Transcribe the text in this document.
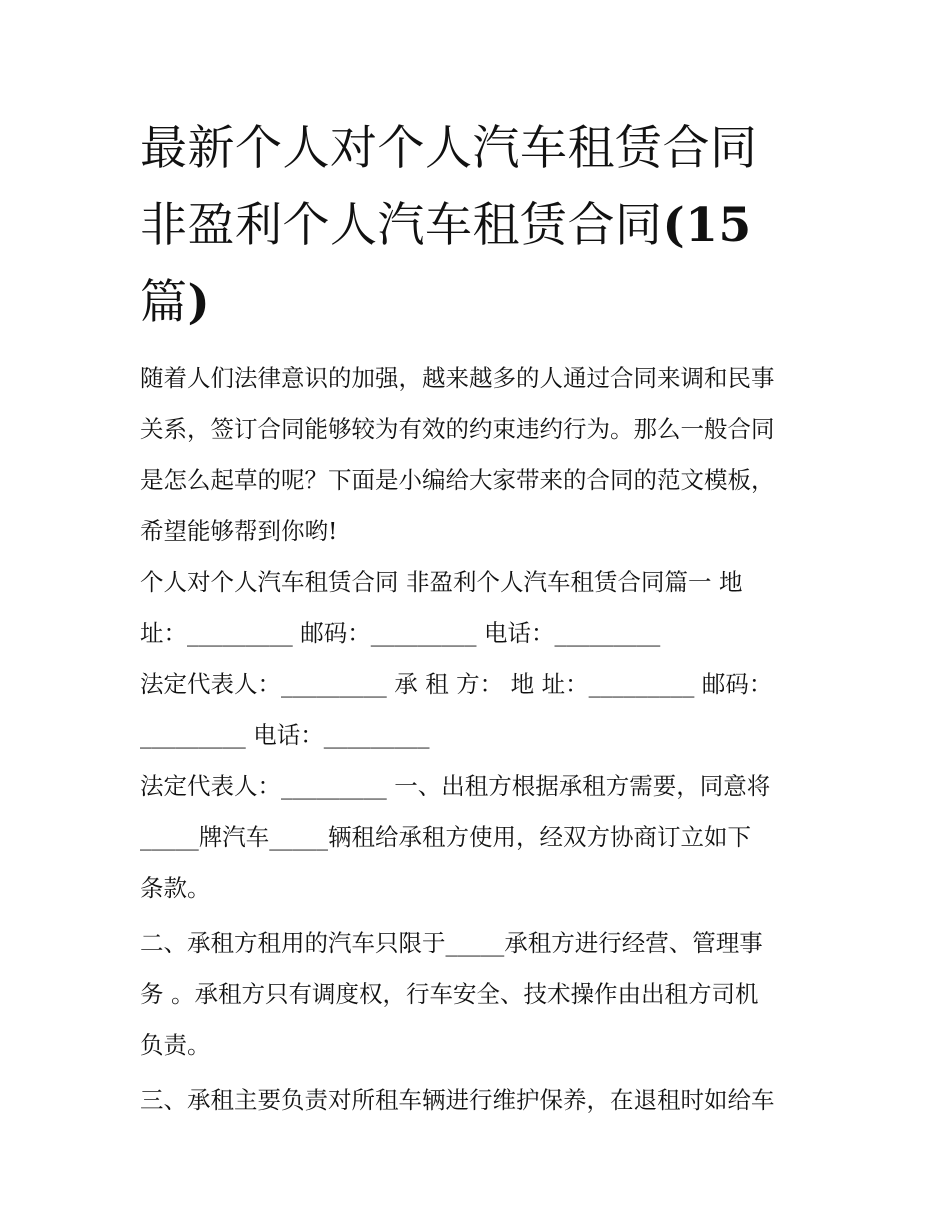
最新个人对个人汽车租赁合同
非盈利个人汽车租赁合同(15
篇)

随着人们法律意识的加强，越来越多的人通过合同来调和民事
关系，签订合同能够较为有效的约束违约行为。那么一般合同
是怎么起草的呢？下面是小编给大家带来的合同的范文模板，
希望能够帮到你哟!

个人对个人汽车租赁合同 非盈利个人汽车租赁合同篇一 地
址：_________ 邮码：_________ 电话：_________

法定代表人：_________ 承 租 方： 地 址：_________ 邮码：
_________ 电话：_________

法定代表人：_________ 一、出租方根据承租方需要，同意将
_____牌汽车_____辆租给承租方使用，经双方协商订立如下
条款。

二、承租方租用的汽车只限于_____承租方进行经营、管理事
务 。承租方只有调度权，行车安全、技术操作由出租方司机
负责。

三、承租主要负责对所租车辆进行维护保养，在退租时如给车
